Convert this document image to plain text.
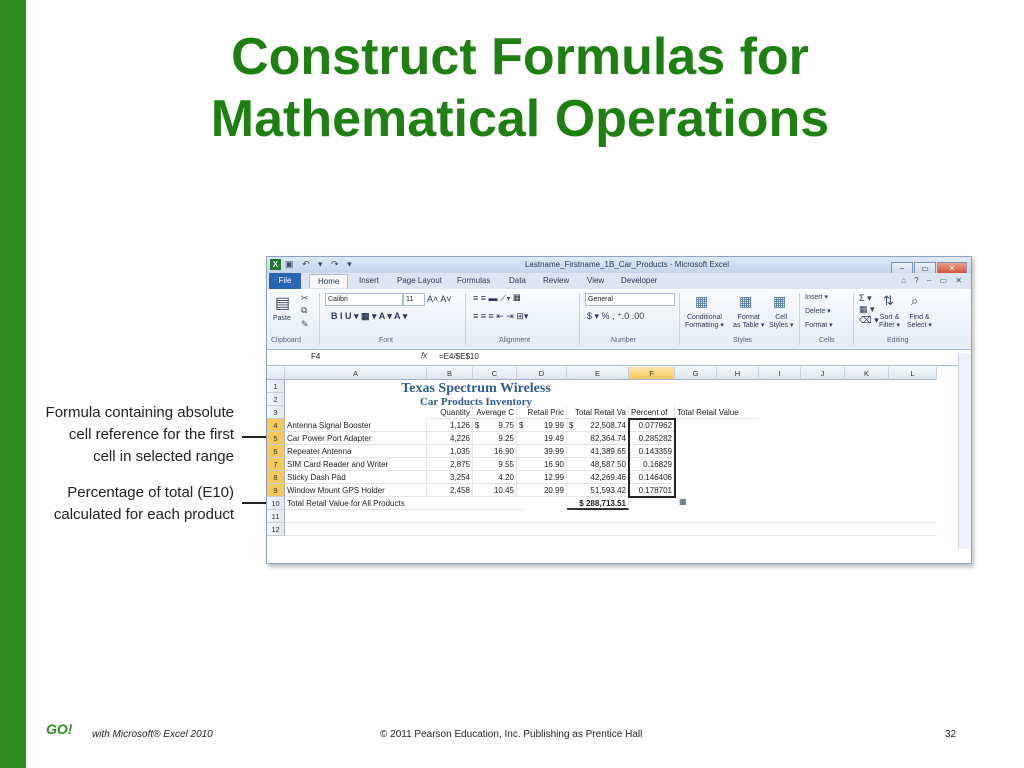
Construct Formulas for
Mathematical Operations
Formula containing absolute
cell reference for the first
cell in selected range
Percentage of total (E10)
calculated for each product
X ▣ ↶ ▾ ↷ ▾	Lastname_Firstname_1B_Car_Products - Microsoft Excel	– ▭ ✕
File	Home	Insert Page Layout Formulas Data Review View Developer	⌂ ? – ▭ ✕
▤
Paste
✂
⧉
✎
Clipboard
Calibri	11	A˄ A˅
B I U ▾ ▦ ▾ A ▾ A ▾
Font
≡ ≡ ▬ ⟋▾ ▦
≡ ≡ ≡ ⇤ ⇥ ⊞▾
Alignment
General
$ ▾ % , ⁺.0 .00
Number
▦
Conditional
Formatting ▾
▦
Format
as Table ▾
▦
Cell
Styles ▾
Styles
Insert ▾
Delete ▾
Format ▾
Cells
Σ ▾
▦ ▾
⌫ ▾
⇅
Sort &
Filter ▾
⌕
Find &
Select ▾
Editing
F4	fx =E4/$E$10
A	B	C	D	E	F	G	H	I	J	K	L
1
2
3
4
5
6
7
8
9
10
11
12
Texas Spectrum Wireless
Car Products Inventory
Quantity Average C	Retail Pric	Total Retail Va Percent of	Total Retail Value
Antenna Signal Booster	1,126 $	9.75 $	19.99 $	22,508.74	0.077962
Car Power Port Adapter	4,226	9.25	19.49	82,364.74	0.285282
Repeater Antenna	1,035	16.90	39.99	41,389.65	0.143359
SIM Card Reader and Writer	2,875	9.55	16.90	48,587.50	0.16829
Sticky Dash Pad	3,254	4.20	12.99	42,269.46	0.146406
Window Mount GPS Holder	2,458	10.45	20.99	51,593.42	0.178701
Total Retail Value for All Products	$ 288,713.51	▦
GO! with Microsoft® Excel 2010	© 2011 Pearson Education, Inc. Publishing as Prentice Hall	32
